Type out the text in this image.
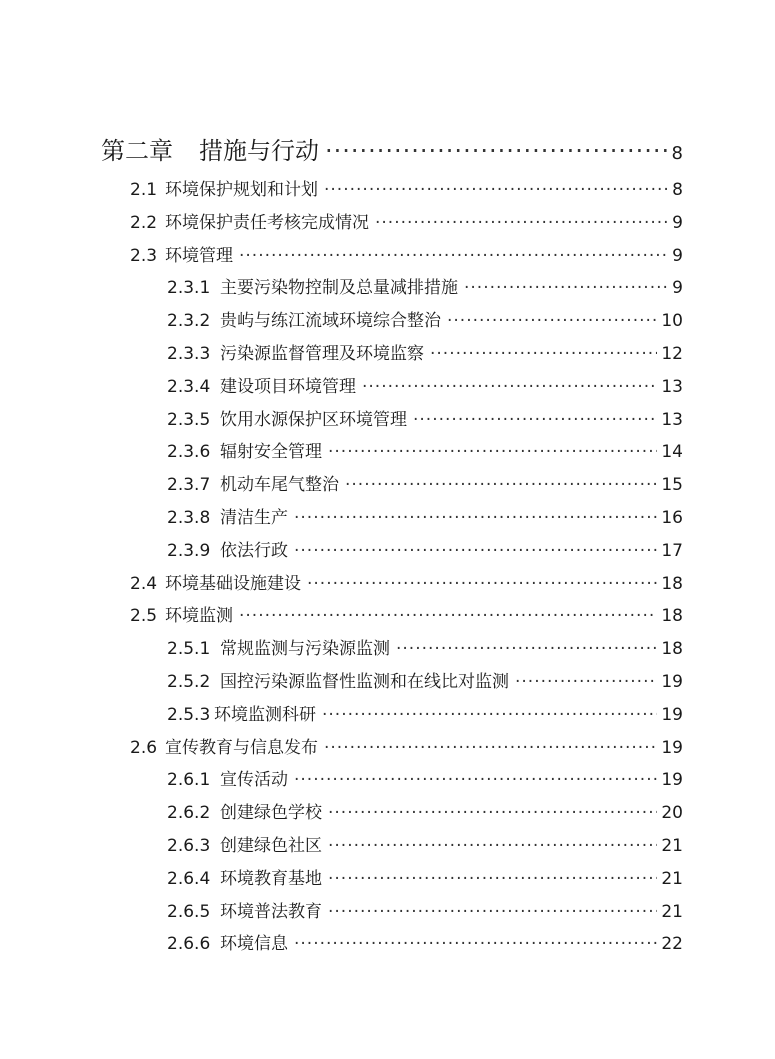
第二章	措施与行动 ·····	8
2.1 环境保护规划和计划 ·····	8
2.2 环境保护责任考核完成情况 ·····	9
2.3 环境管理 ·····	9
2.3.1 主要污染物控制及总量减排措施 ·····	9
2.3.2 贵屿与练江流域环境综合整治 ·····	10
2.3.3 污染源监督管理及环境监察 ·····	12
2.3.4 建设项目环境管理 ·····	13
2.3.5 饮用水源保护区环境管理 ·····	13
2.3.6 辐射安全管理 ·····	14
2.3.7 机动车尾气整治 ·····	15
2.3.8 清洁生产 ·····	16
2.3.9 依法行政 ·····	17
2.4 环境基础设施建设 ·····	18
2.5 环境监测 ·····	18
2.5.1 常规监测与污染源监测 ·····	18
2.5.2 国控污染源监督性监测和在线比对监测 ·····	19
2.5.3 环境监测科研 ·····	19
2.6 宣传教育与信息发布 ·····	19
2.6.1 宣传活动 ·····	19
2.6.2 创建绿色学校 ·····	20
2.6.3 创建绿色社区 ·····	21
2.6.4 环境教育基地 ·····	21
2.6.5 环境普法教育 ·····	21
2.6.6 环境信息 ·····	22
